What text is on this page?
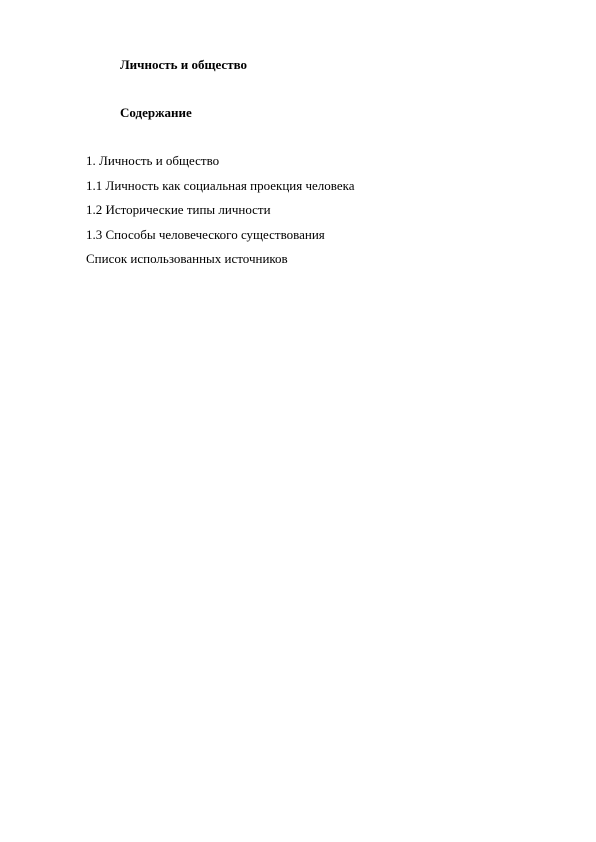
Личность и общество
Содержание
1. Личность и общество
1.1 Личность как социальная проекция человека
1.2 Исторические типы личности
1.3 Способы человеческого существования
Список использованных источников
